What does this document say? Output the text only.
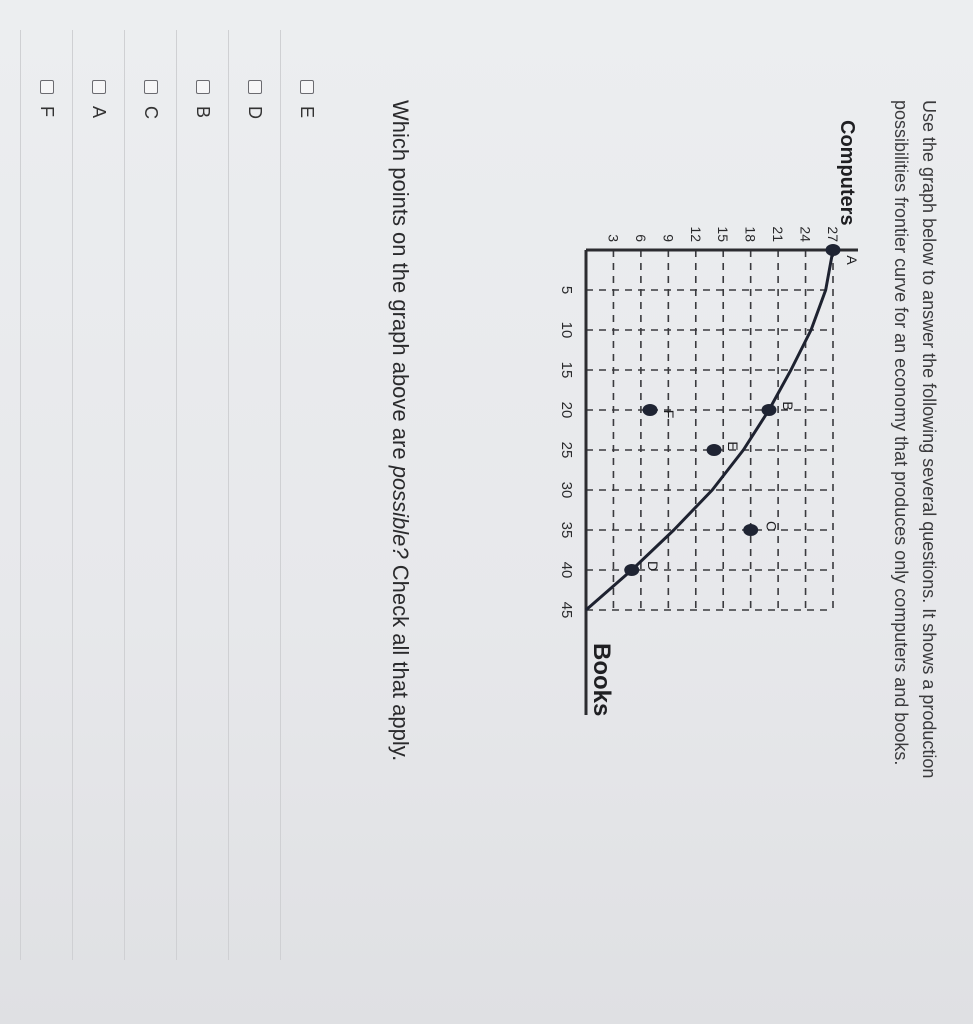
Use the graph below to answer the following several questions. It shows a production
possibilities frontier curve for an economy that produces only computers and books.
5
10
15
20
25
30
35
40
45
3 6 9 12 15 18 21 24 27
Computers
Books
A
B
C
D
E
F
Which points on the graph above are possible? Check all that apply.
E
D
B
C
A
F
